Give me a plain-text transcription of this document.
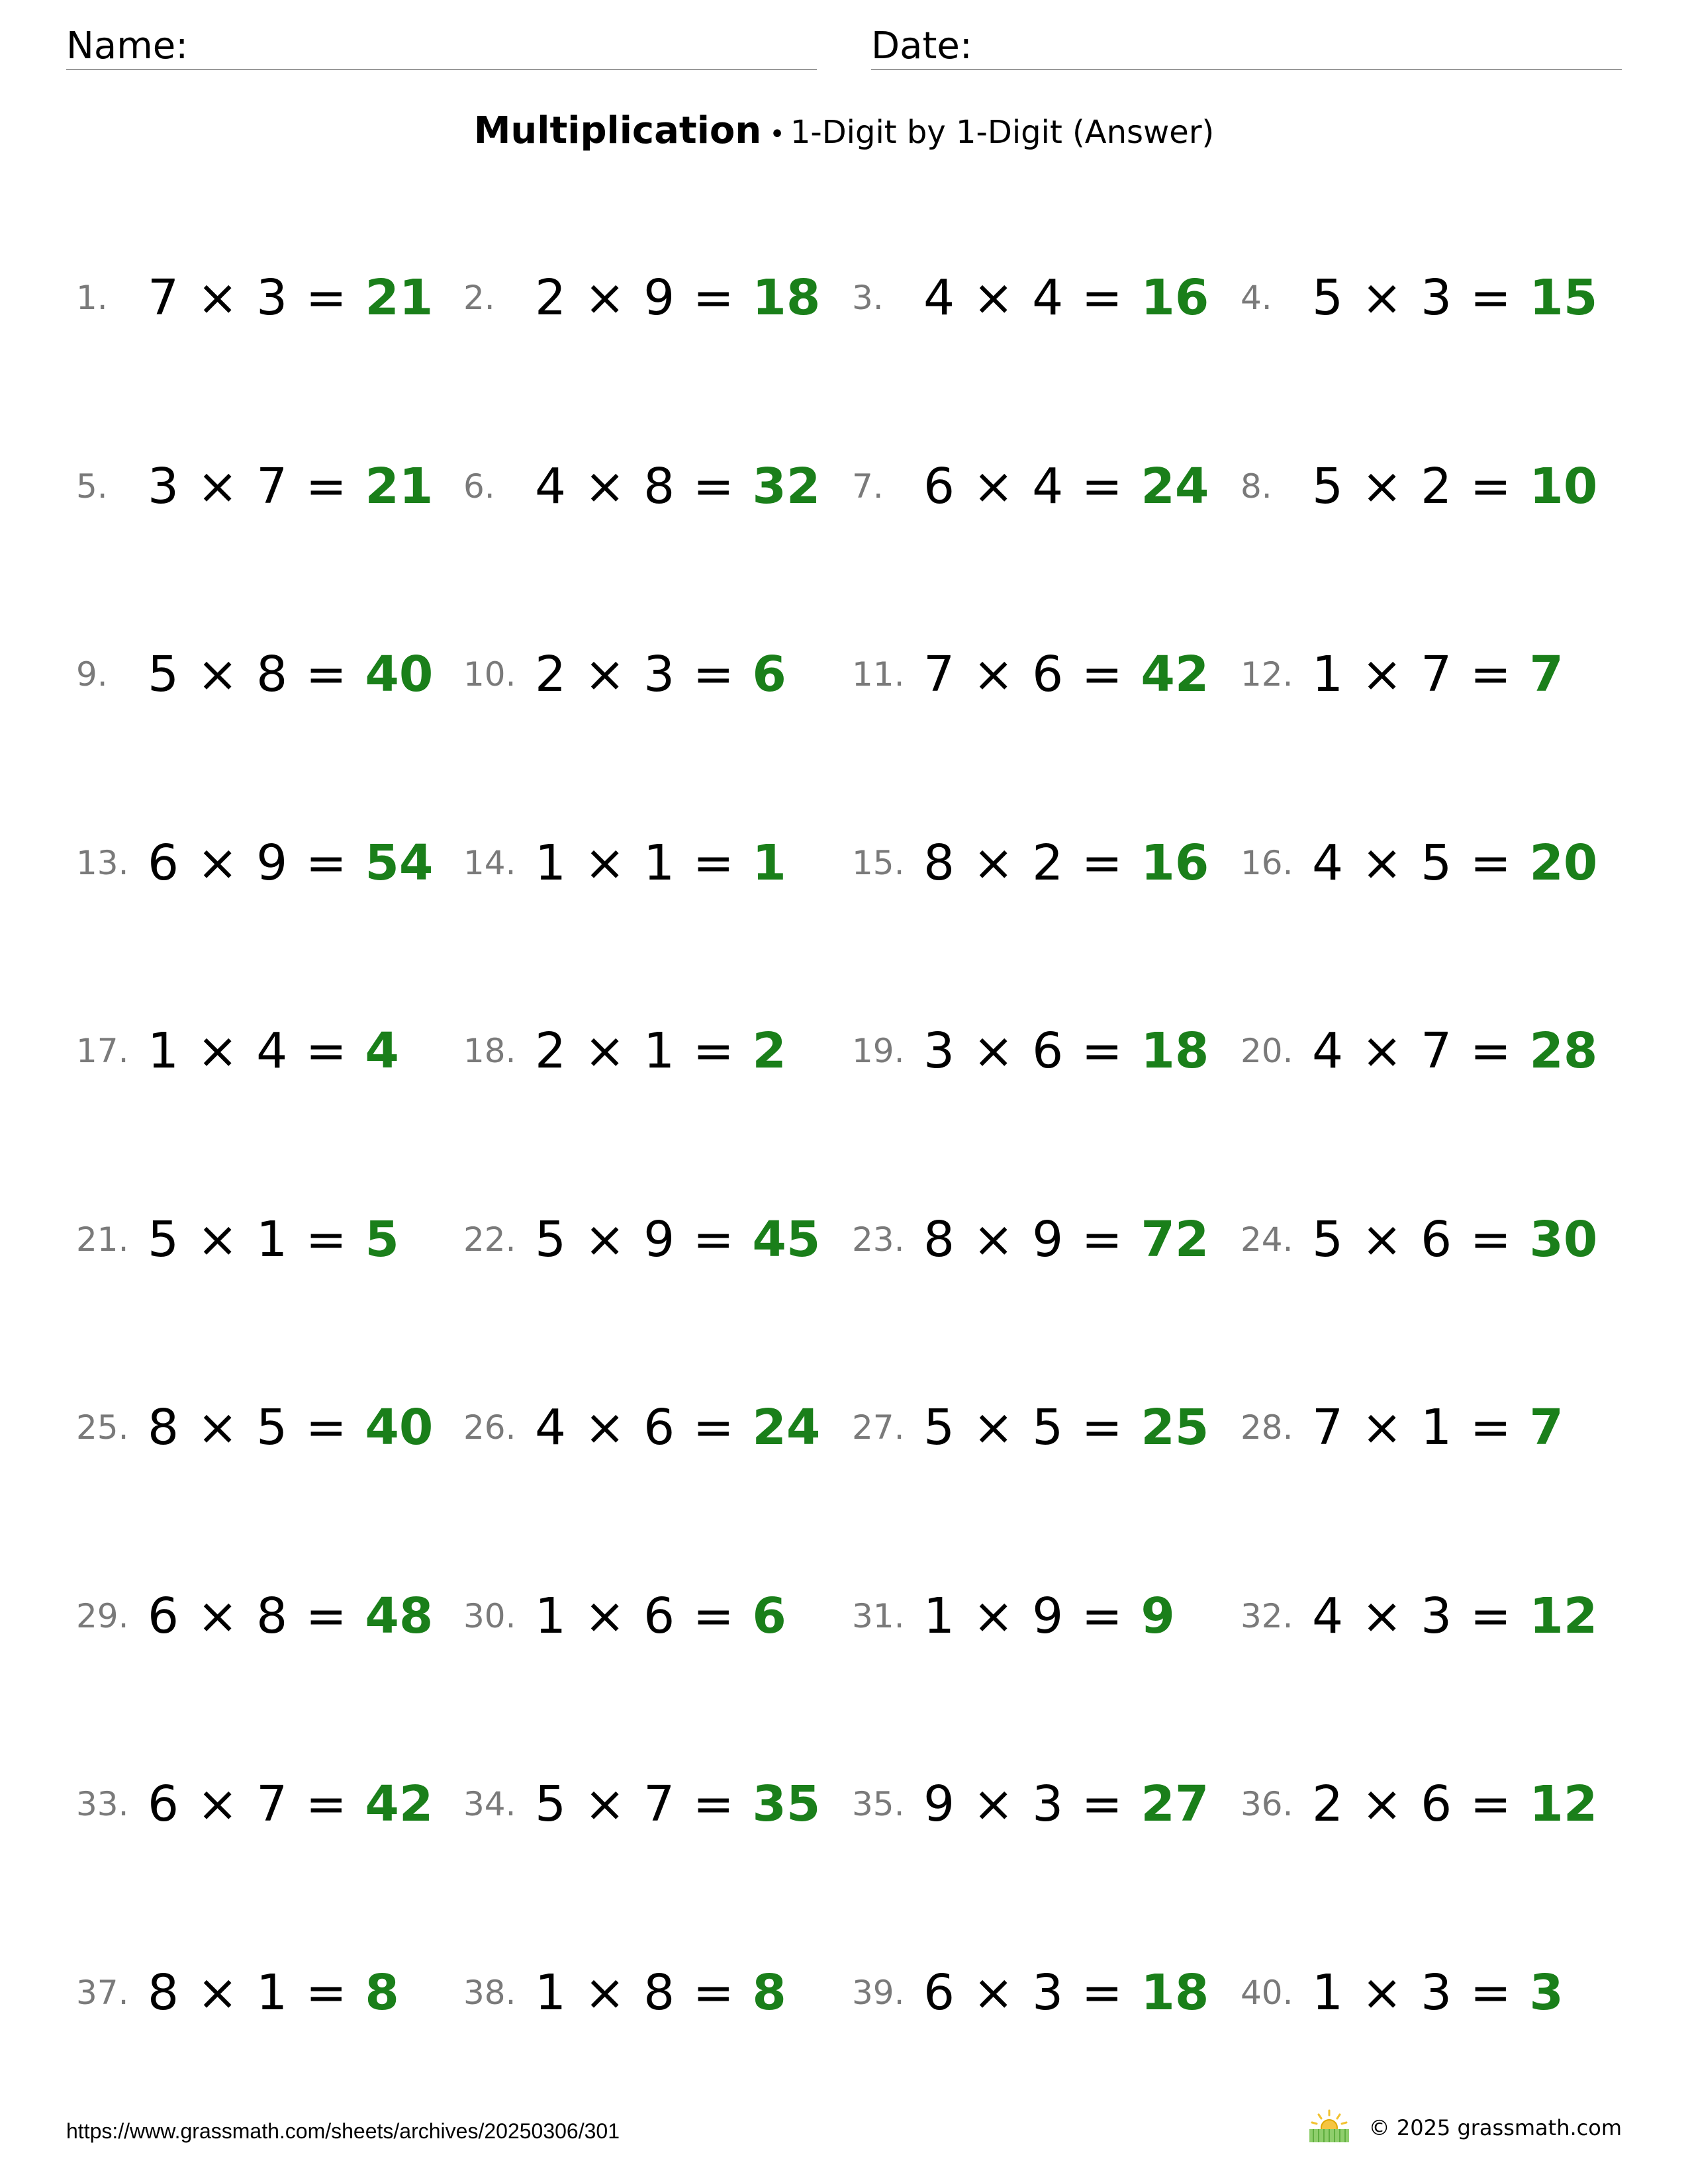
Name:	Date:
Multiplication • 1-Digit by 1-Digit (Answer)
1. 7 × 3 = 21 2. 2 × 9 = 18 3. 4 × 4 = 16 4. 5 × 3 = 15
5. 3 × 7 = 21 6. 4 × 8 = 32 7. 6 × 4 = 24 8. 5 × 2 = 10
9. 5 × 8 = 40 10. 2 × 3 = 6 11. 7 × 6 = 42 12. 1 × 7 = 7
13. 6 × 9 = 54 14. 1 × 1 = 1 15. 8 × 2 = 16 16. 4 × 5 = 20
17. 1 × 4 = 4 18. 2 × 1 = 2 19. 3 × 6 = 18 20. 4 × 7 = 28
21. 5 × 1 = 5 22. 5 × 9 = 45 23. 8 × 9 = 72 24. 5 × 6 = 30
25. 8 × 5 = 40 26. 4 × 6 = 24 27. 5 × 5 = 25 28. 7 × 1 = 7
29. 6 × 8 = 48 30. 1 × 6 = 6 31. 1 × 9 = 9 32. 4 × 3 = 12
33. 6 × 7 = 42 34. 5 × 7 = 35 35. 9 × 3 = 27 36. 2 × 6 = 12
37. 8 × 1 = 8 38. 1 × 8 = 8 39. 6 × 3 = 18 40. 1 × 3 = 3
https://www.grassmath.com/sheets/archives/20250306/301	© 2025 grassmath.com
